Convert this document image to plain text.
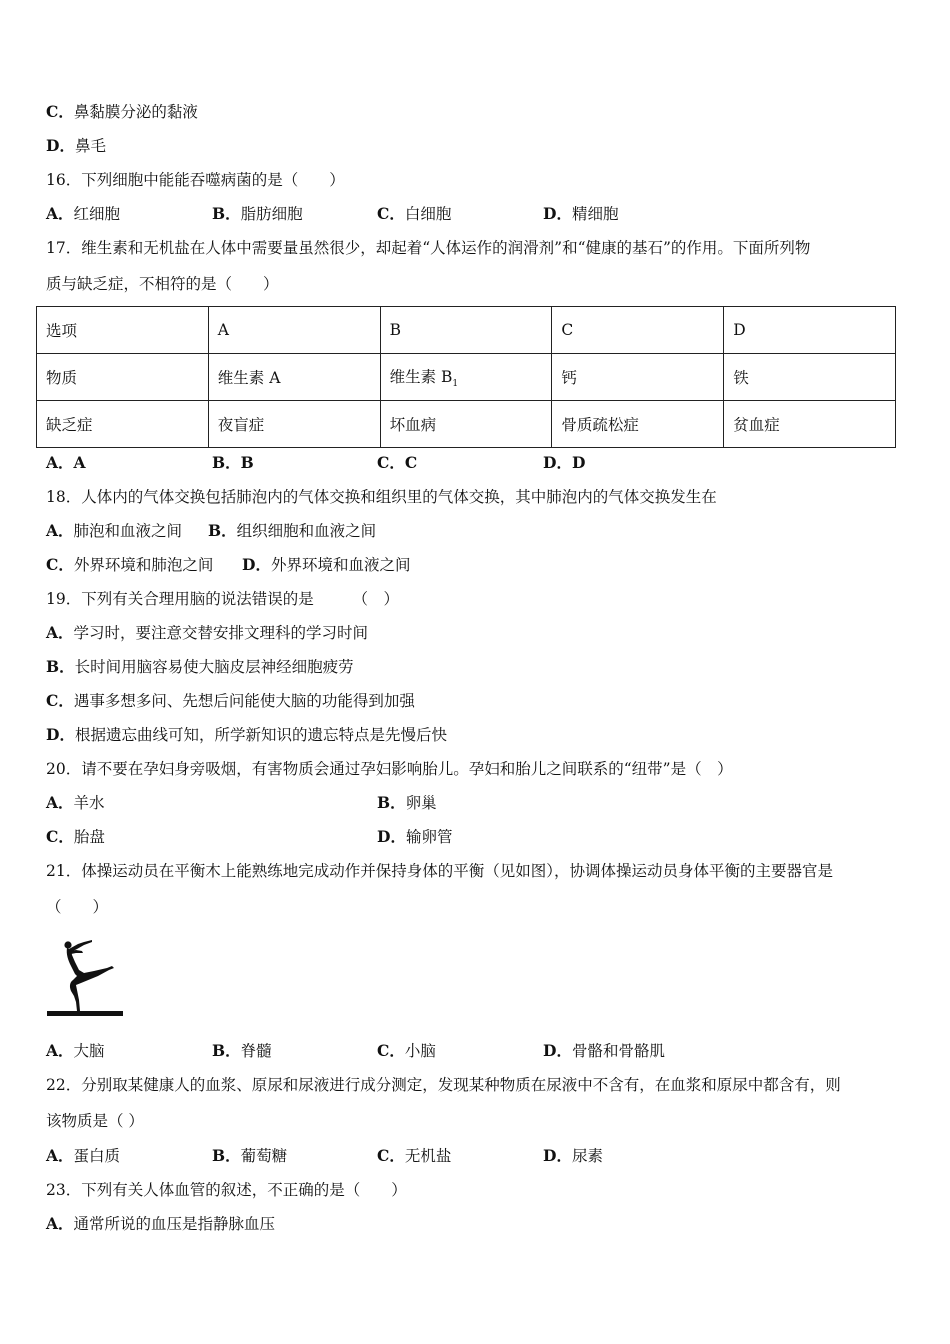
C．鼻黏膜分泌的黏液
D．鼻毛
16．下列细胞中能能吞噬病菌的是（　　）
A．红细胞	B．脂肪细胞	C．白细胞	D．精细胞
17．维生素和无机盐在人体中需要量虽然很少，却起着“人体运作的润滑剂”和“健康的基石”的作用。下面所列物
质与缺乏症，不相符的是（　　）
选项	A	B	C	D
物质	维生素 A	维生素 $B_1$	钙	铁
缺乏症	夜盲症	坏血病	骨质疏松症	贫血症
A．A	B．B	C．C	D．D
18．人体内的气体交换包括肺泡内的气体交换和组织里的气体交换，其中肺泡内的气体交换发生在
A．肺泡和血液之间 B．组织细胞和血液之间
C．外界环境和肺泡之间 D．外界环境和血液之间
19．下列有关合理用脑的说法错误的是　　　（　）
A．学习时，要注意交替安排文理科的学习时间
B．长时间用脑容易使大脑皮层神经细胞疲劳
C．遇事多想多问、先想后问能使大脑的功能得到加强
D．根据遗忘曲线可知，所学新知识的遗忘特点是先慢后快
20．请不要在孕妇身旁吸烟，有害物质会通过孕妇影响胎儿。孕妇和胎儿之间联系的“纽带”是（　）
A．羊水	B．卵巢
C．胎盘	D．输卵管
21．体操运动员在平衡木上能熟练地完成动作并保持身体的平衡（见如图），协调体操运动员身体平衡的主要器官是
（　　）
A．大脑	B．脊髓	C．小脑	D．骨骼和骨骼肌
22．分别取某健康人的血浆、原尿和尿液进行成分测定，发现某种物质在尿液中不含有，在血浆和原尿中都含有，则
该物质是（ ）
A．蛋白质	B．葡萄糖	C．无机盐	D．尿素
23．下列有关人体血管的叙述，不正确的是（　　）
A．通常所说的血压是指静脉血压
